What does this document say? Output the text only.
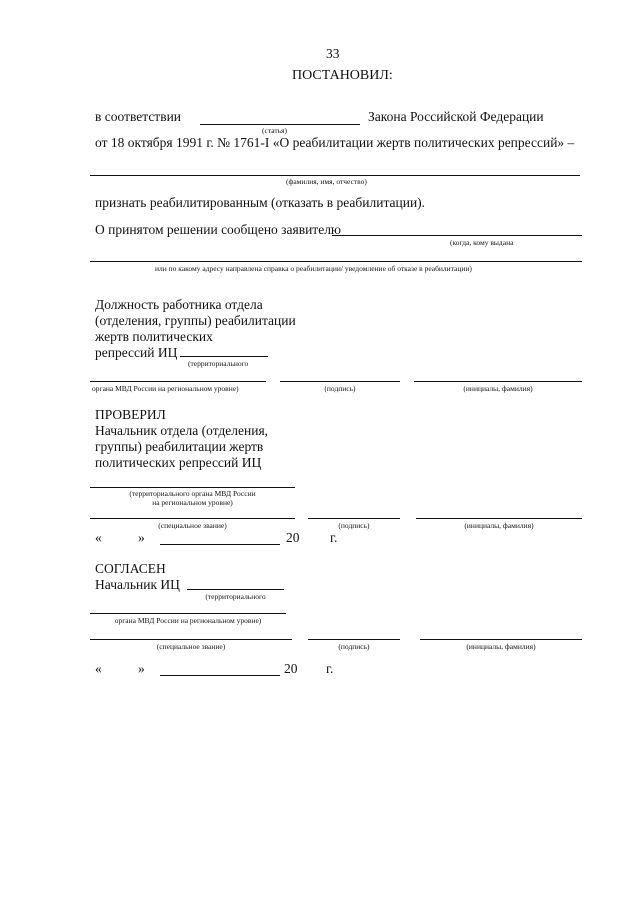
33
ПОСТАНОВИЛ:
в соответствии
(статья)
Закона Российской Федерации
от 18 октября 1991 г. № 1761-I «О реабилитации жертв политических репрессий» –
(фамилия, имя, отчество)
признать реабилитированным (отказать в реабилитации).
О принятом решении сообщено заявителю
(когда, кому выдана
или по какому адресу направлена справка о реабилитации/ уведомление об отказе в реабилитации)
Должность работника отдела
(отделения, группы) реабилитации
жертв политических
репрессий ИЦ
(территориального
органа МВД России на региональном уровне)	(подпись)	(инициалы, фамилия)
ПРОВЕРИЛ
Начальник отдела (отделения,
группы) реабилитации жертв
политических репрессий ИЦ
(территориального органа МВД России
на региональном уровне)
(специальное звание)	(подпись)	(инициалы, фамилия)
«	»	20 г.
СОГЛАСЕН
Начальник ИЦ
(территориального
органа МВД России на региональном уровне)
(специальное звание)	(подпись)	(инициалы, фамилия)
«	»	20 г.
